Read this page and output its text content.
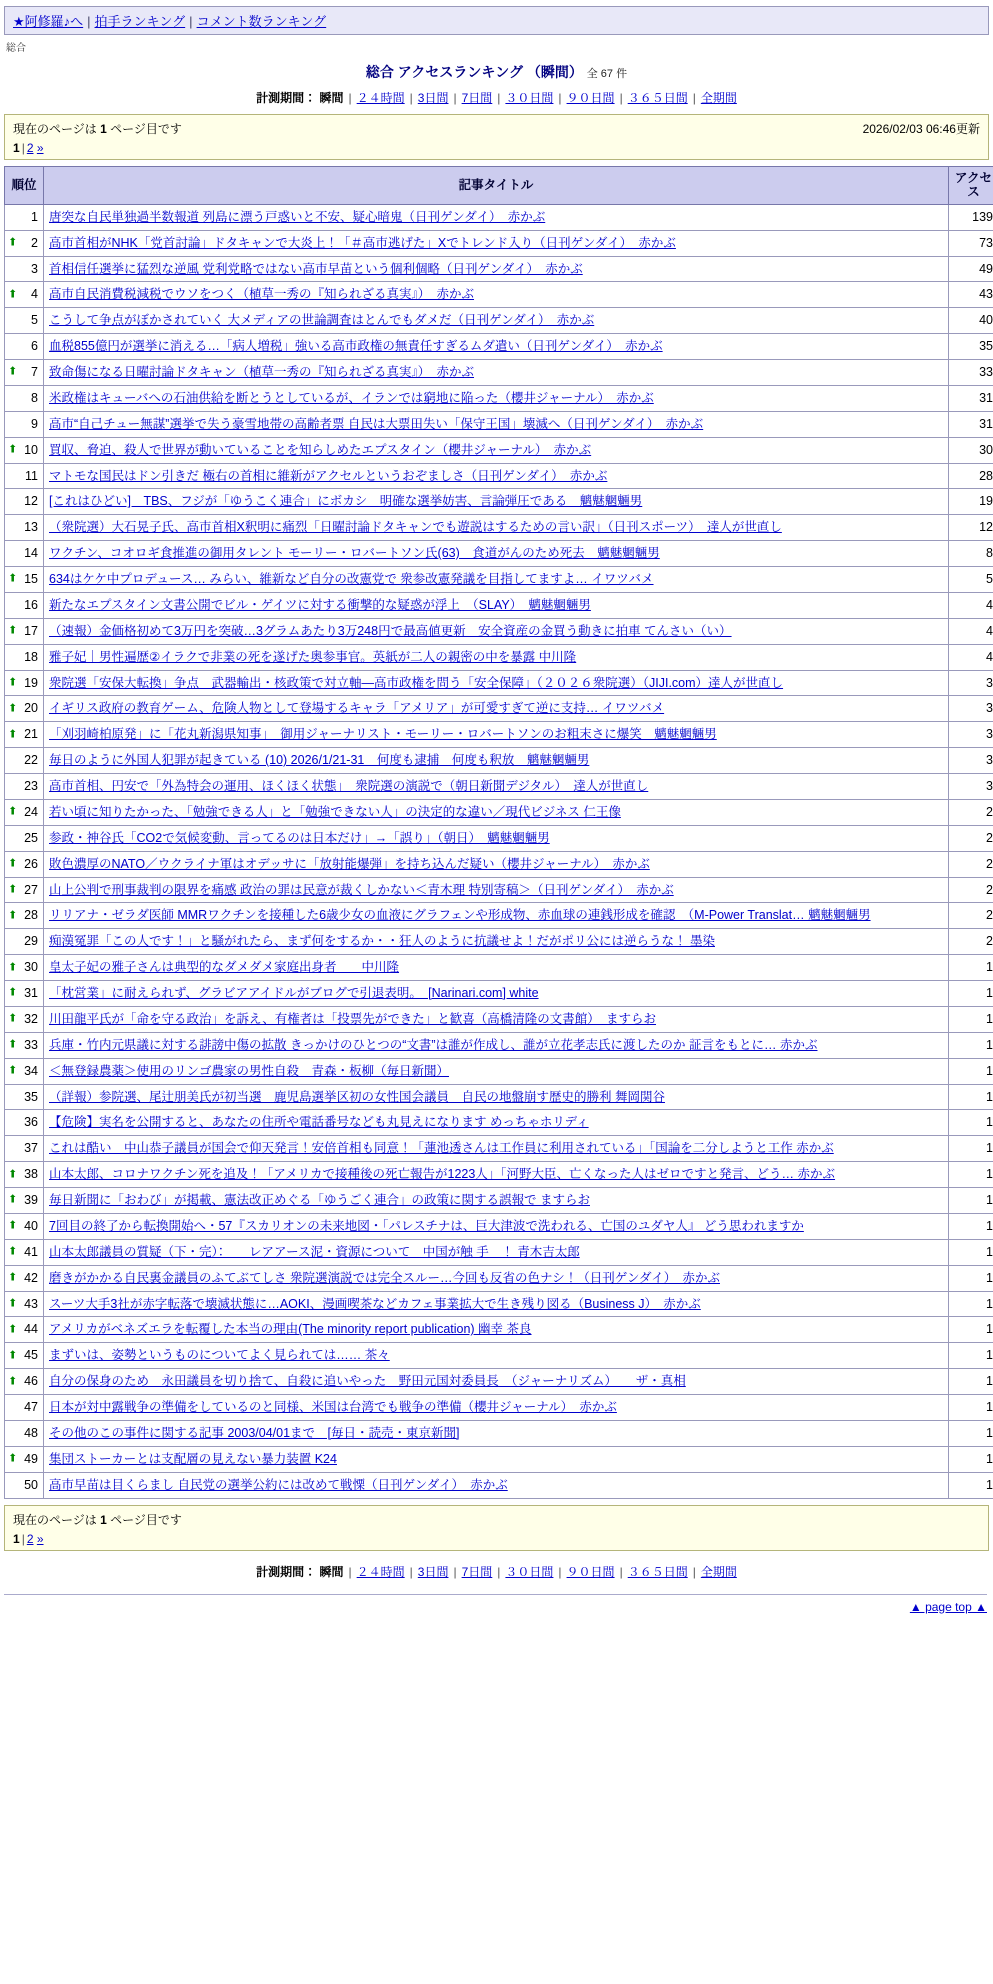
★阿修羅♪へ | 拍手ランキング | コメント数ランキング
総合
総合 アクセスランキング （瞬間） 全 67 件
計測期間： 瞬間 | ２４時間 | 3日間 | 7日間 | ３０日間 | ９０日間 | ３６５日間 | 全期間
2026/02/03 06:46更新
現在のページは 1 ページ目です
1 | 2 »
順位	記事タイトル	アクセス
1	唐突な自民単独過半数報道 列島に漂う戸惑いと不安、疑心暗鬼（日刊ゲンダイ）　赤かぶ	139

⬆ 2	高市首相がNHK「党首討論」ドタキャンで大炎上！「＃高市逃げた」Xでトレンド入り（日刊ゲンダイ）　赤かぶ	73
3	首相信任選挙に猛烈な逆風 党利党略ではない高市早苗という個利個略（日刊ゲンダイ）　赤かぶ	49

⬆ 4	高市自民消費税減税でウソをつく（植草一秀の『知られざる真実』）　赤かぶ	43
5	こうして争点がぼかされていく 大メディアの世論調査はとんでもダメだ（日刊ゲンダイ）　赤かぶ	40
6	血税855億円が選挙に消える…「病人増税」強いる高市政権の無責任すぎるムダ遣い（日刊ゲンダイ）　赤かぶ	35

⬆ 7	致命傷になる日曜討論ドタキャン（植草一秀の『知られざる真実』）　赤かぶ	33
8	米政権はキューバへの石油供給を断とうとしているが、イランでは窮地に陥った（櫻井ジャーナル）　赤かぶ	31
9	高市“自己チュー無謀”選挙で失う豪雪地帯の高齢者票 自民は大票田失い「保守王国」壊滅へ（日刊ゲンダイ）　赤かぶ	31

⬆ 10	買収、脅迫、殺人で世界が動いていることを知らしめたエプスタイン（櫻井ジャーナル）　赤かぶ	30
11	マトモな国民はドン引きだ 極右の首相に維新がアクセルというおぞましさ（日刊ゲンダイ）　赤かぶ	28
12	[これはひどい]　TBS、フジが「ゆうこく連合」にボカシ　明確な選挙妨害、言論弾圧である　魑魅魍魎男	19
13	（衆院選）大石晃子氏、高市首相X釈明に痛烈「日曜討論ドタキャンでも遊説はするための言い訳」（日刊スポーツ）　達人が世直し	12
14	ワクチン、コオロギ食推進の御用タレント モーリー・ロバートソン氏(63)　食道がんのため死去　魑魅魍魎男	8

⬆ 15	634はケケ中プロデュース… みらい、維新など自分の改憲党で 衆参改憲発議を目指してますよ… イワツバメ	5
16	新たなエプスタイン文書公開でビル・ゲイツに対する衝撃的な疑惑が浮上　（SLAY）　魑魅魍魎男	4

⬆ 17	（速報）金価格初めて3万円を突破…3グラムあたり3万248円で最高値更新　安全資産の金買う動きに拍車 てんさい（い）	4
18	雅子妃｜男性遍歴②イラクで非業の死を遂げた奥参事官。英紙が二人の親密の中を暴露 中川隆	4

⬆ 19	衆院選「安保大転換」争点　武器輸出・核政策で対立軸—高市政権を問う「安全保障」（２０２６衆院選）（JIJI.com）達人が世直し	3

⬆ 20	イギリス政府の教育ゲーム、危険人物として登場するキャラ「アメリア」が可愛すぎて逆に支持… イワツバメ	3

⬆ 21	「刈羽崎柏原発」に「花丸新潟県知事」　御用ジャーナリスト・モーリー・ロバートソンのお粗末さに爆笑　魑魅魍魎男	3
22	毎日のように外国人犯罪が起きている (10) 2026/1/21-31　何度も逮捕　何度も釈放　魑魅魍魎男	3
23	高市首相、円安で「外為特会の運用、ほくほく状態」　衆院選の演説で（朝日新聞デジタル）　達人が世直し	3

⬆ 24	若い頃に知りたかった、「勉強できる人」と「勉強できない人」の決定的な違い／現代ビジネス 仁王像	2
25	参政・神谷氏「CO2で気候変動、言ってるのは日本だけ」→「誤り」（朝日）　魑魅魍魎男	2

⬆ 26	敗色濃厚のNATO／ウクライナ軍はオデッサに「放射能爆弾」を持ち込んだ疑い（櫻井ジャーナル）　赤かぶ	2

⬆ 27	山上公判で刑事裁判の限界を痛感 政治の罪は民意が裁くしかない＜青木理 特別寄稿＞（日刊ゲンダイ）　赤かぶ	2

⬆ 28	リリアナ・ゼラダ医師 MMRワクチンを接種した6歳少女の血液にグラフェンや形成物、赤血球の連銭形成を確認　（M-Power Translat… 魑魅魍魎男	2
29	痴漢冤罪「この人です！」と騒がれたら、まず何をするか・・狂人のように抗議せよ！だがポリ公には逆らうな！ 墨染	2

⬆ 30	皇太子妃の雅子さんは典型的なダメダメ家庭出身者　　中川隆	1

⬆ 31	「枕営業」に耐えられず、グラビアアイドルがブログで引退表明。　[Narinari.com] white	1

⬆ 32	川田龍平氏が「命を守る政治」を訴え、有権者は「投票先ができた」と歓喜（高橋清隆の文書館）　ますらお	1

⬆ 33	兵庫・竹内元県議に対する誹謗中傷の拡散 きっかけのひとつの“文書”は誰が作成し、誰が立花孝志氏に渡したのか 証言をもとに… 赤かぶ	1

⬆ 34	＜無登録農薬＞使用のリンゴ農家の男性自殺　青森・板柳（毎日新聞）	1
35	（詳報）参院選、尾辻朋美氏が初当選　鹿児島選挙区初の女性国会議員　自民の地盤崩す歴史的勝利 舞岡関谷	1
36	【危険】実名を公開すると、あなたの住所や電話番号なども丸見えになります めっちゃホリディ	1
37	これは酷い　中山恭子議員が国会で仰天発言！安倍首相も同意！「蓮池透さんは工作員に利用されている」「国論を二分しようと工作 赤かぶ	1

⬆ 38	山本太郎、コロナワクチン死を追及！「アメリカで接種後の死亡報告が1223人」「河野大臣、亡くなった人はゼロですと発言、どう… 赤かぶ	1

⬆ 39	毎日新聞に「おわび」が掲載、憲法改正めぐる「ゆうごく連合」の政策に関する誤報で ますらお	1

⬆ 40	7回目の終了から転換開始へ・57『スカリオンの未来地図・「パレスチナは、巨大津波で洗われる、亡国のユダヤ人』 どう思われますか	1

⬆ 41	山本太郎議員の質疑（下・完）：　　レアアース泥・資源について　中国が触 手　！ 青木吉太郎	1

⬆ 42	磨きがかかる自民裏金議員のふてぶてしさ 衆院選演説では完全スルー…今回も反省の色ナシ！（日刊ゲンダイ）　赤かぶ	1

⬆ 43	スーツ大手3社が赤字転落で壊滅状態に…AOKI、漫画喫茶などカフェ事業拡大で生き残り図る（Business J）　赤かぶ	1

⬆ 44	アメリカがベネズエラを転覆した本当の理由(The minority report publication) 幽幸 茶良	1

⬆ 45	まずいは、姿勢というものについてよく見られては…… 茶々	1

⬆ 46	自分の保身のため　永田議員を切り捨て、自殺に追いやった　野田元国対委員長　（ジャーナリズム）　　ザ・真相	1
47	日本が対中露戦争の準備をしているのと同様、米国は台湾でも戦争の準備（櫻井ジャーナル）　赤かぶ	1
48	その他のこの事件に関する記事 2003/04/01まで　[毎日・読売・東京新聞]	1

⬆ 49	集団ストーカーとは支配層の見えない暴力装置 K24	1
50	高市早苗は目くらまし 自民党の選挙公約には改めて戦慄（日刊ゲンダイ）　赤かぶ	1
現在のページは 1 ページ目です
1 | 2 »
計測期間： 瞬間 | ２４時間 | 3日間 | 7日間 | ３０日間 | ９０日間 | ３６５日間 | 全期間
▲ page top ▲
